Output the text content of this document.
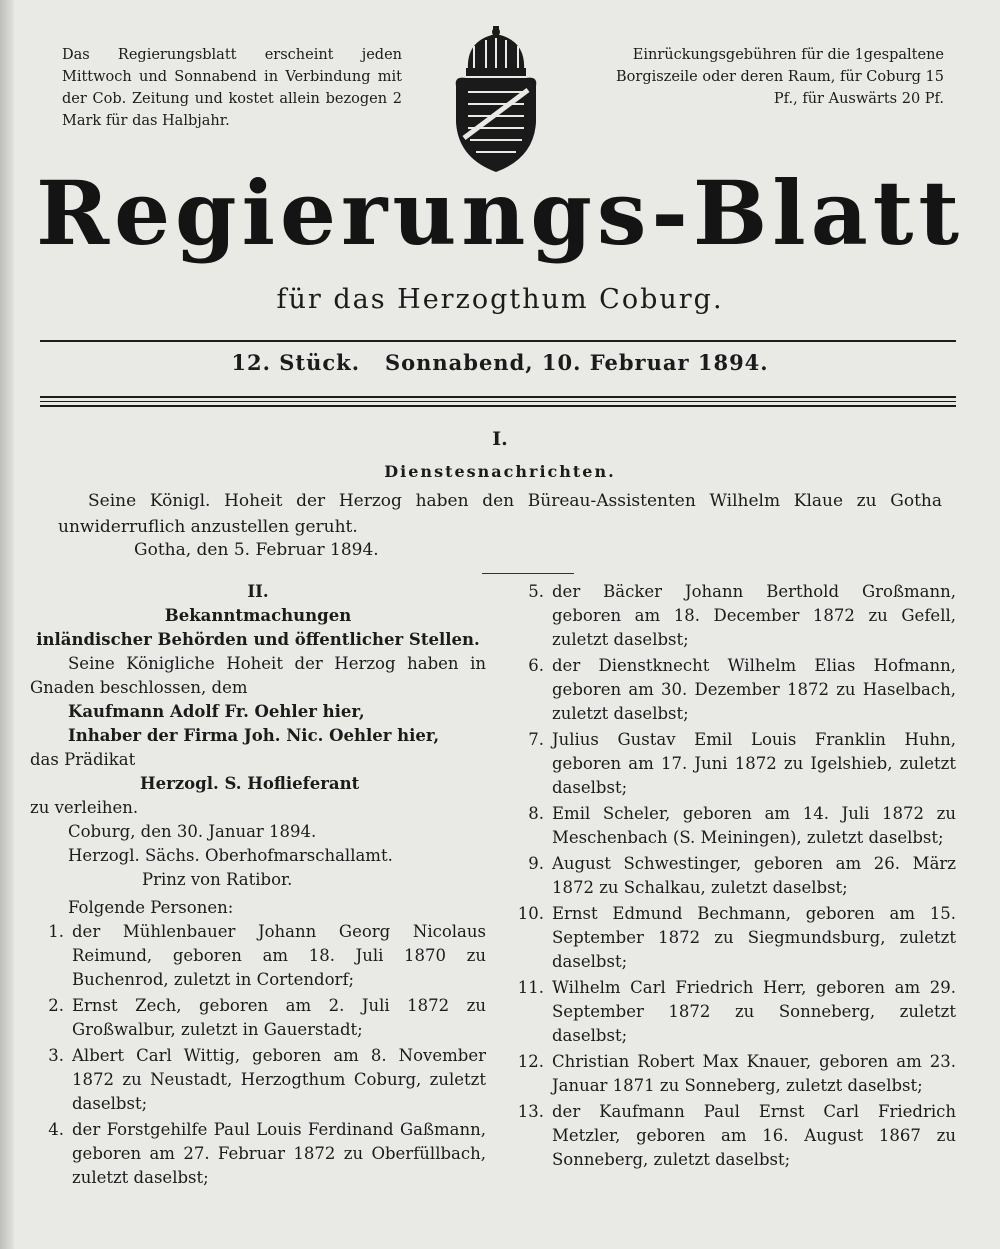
Das Regierungsblatt erscheint jeden Mittwoch und Sonnabend in Verbindung mit der Cob. Zeitung und kostet allein bezogen 2 Mark für das Halbjahr.
Einrückungsgebühren für die 1gespaltene Borgiszeile oder deren Raum, für Coburg 15 Pf., für Auswärts 20 Pf.
Regierungs-Blatt
für das Herzogthum Coburg.
12. Stück.   Sonnabend, 10. Februar 1894.
I.
Dienstesnachrichten.
Seine Königl. Hoheit der Herzog haben den Büreau-Assistenten Wilhelm Klaue zu Gotha unwiderruflich anzustellen geruht.
Gotha, den 5. Februar 1894.
II.
Bekanntmachungen
inländischer Behörden und öffentlicher Stellen.
Seine Königliche Hoheit der Herzog haben in Gnaden beschlossen, dem
Kaufmann Adolf Fr. Oehler hier,
Inhaber der Firma Joh. Nic. Oehler hier,
das Prädikat
Herzogl. S. Hoflieferant
zu verleihen.
Coburg, den 30. Januar 1894.
Herzogl. Sächs. Oberhofmarschallamt.
Prinz von Ratibor.
Folgende Personen:
1. der Mühlenbauer Johann Georg Nicolaus Reimund, geboren am 18. Juli 1870 zu Buchenrod, zuletzt in Cortendorf;
2. Ernst Zech, geboren am 2. Juli 1872 zu Großwalbur, zuletzt in Gauerstadt;
3. Albert Carl Wittig, geboren am 8. November 1872 zu Neustadt, Herzogthum Coburg, zuletzt daselbst;
4. der Forstgehilfe Paul Louis Ferdinand Gaßmann, geboren am 27. Februar 1872 zu Oberfüllbach, zuletzt daselbst;
5. der Bäcker Johann Berthold Großmann, geboren am 18. December 1872 zu Gefell, zuletzt daselbst;
6. der Dienstknecht Wilhelm Elias Hofmann, geboren am 30. Dezember 1872 zu Haselbach, zuletzt daselbst;
7. Julius Gustav Emil Louis Franklin Huhn, geboren am 17. Juni 1872 zu Igelshieb, zuletzt daselbst;
8. Emil Scheler, geboren am 14. Juli 1872 zu Meschenbach (S. Meiningen), zuletzt daselbst;
9. August Schwestinger, geboren am 26. März 1872 zu Schalkau, zuletzt daselbst;
10. Ernst Edmund Bechmann, geboren am 15. September 1872 zu Siegmundsburg, zuletzt daselbst;
11. Wilhelm Carl Friedrich Herr, geboren am 29. September 1872 zu Sonneberg, zuletzt daselbst;
12. Christian Robert Max Knauer, geboren am 23. Januar 1871 zu Sonneberg, zuletzt daselbst;
13. der Kaufmann Paul Ernst Carl Friedrich Metzler, geboren am 16. August 1867 zu Sonneberg, zuletzt daselbst;
